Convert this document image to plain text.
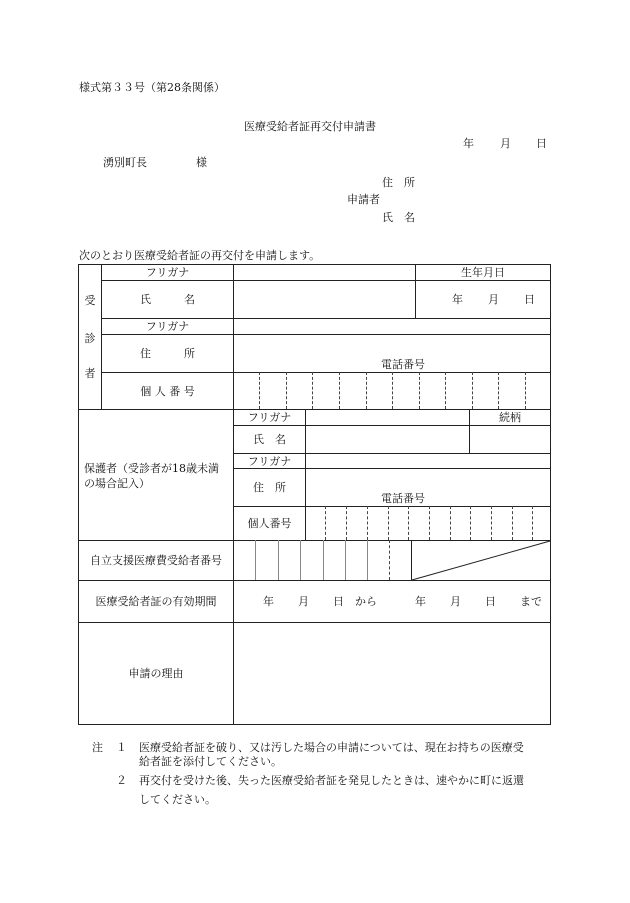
様式第３３号（第28条関係）
医療受給者証再交付申請書
年 月 日
湧別町長	様
住　所
申請者
氏　名
次のとおり医療受給者証の再交付を申請します。
受
診
者
フリガナ	生年月日
氏　　　名	年 月 日
フリガナ
住　　　所
電話番号
個 人 番 号
保護者（受診者が18歳未満
の場合記入）
フリガナ	続柄
氏　名
フリガナ
住　所
電話番号
個人番号
自立支援医療費受給者番号
医療受給者証の有効期間	年 月 日 から	年 月 日 まで
申請の理由
注 １ 医療受給者証を破り、又は汚した場合の申請については、現在お持ちの医療受
給者証を添付してください。
２ 再交付を受けた後、失った医療受給者証を発見したときは、速やかに町に返還
してください。
